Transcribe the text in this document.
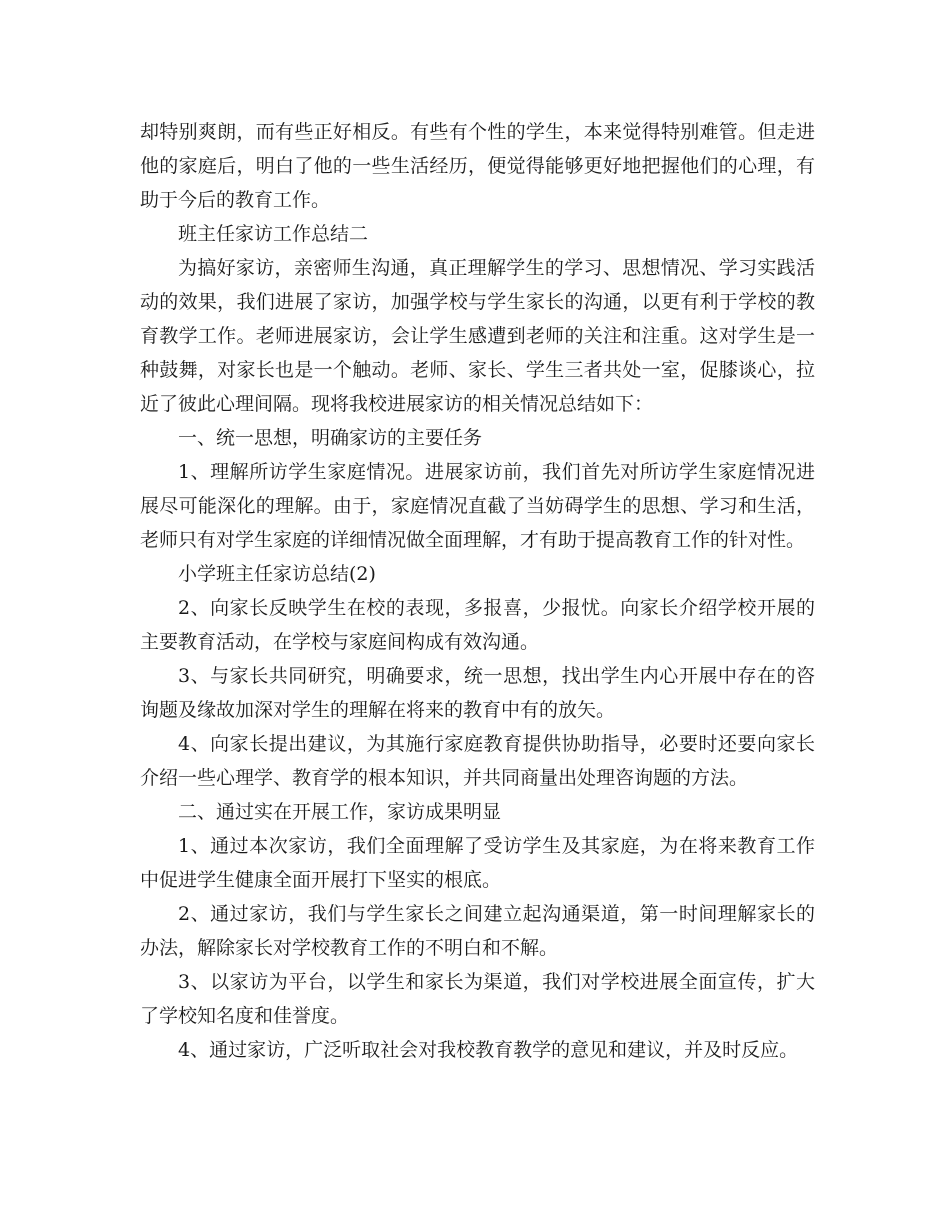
却特别爽朗，而有些正好相反。有些有个性的学生，本来觉得特别难管。但走进他的家庭后，明白了他的一些生活经历，便觉得能够更好地把握他们的心理，有助于今后的教育工作。

班主任家访工作总结二

为搞好家访，亲密师生沟通，真正理解学生的学习、思想情况、学习实践活动的效果，我们进展了家访，加强学校与学生家长的沟通，以更有利于学校的教育教学工作。老师进展家访，会让学生感遭到老师的关注和注重。这对学生是一种鼓舞，对家长也是一个触动。老师、家长、学生三者共处一室，促膝谈心，拉近了彼此心理间隔。现将我校进展家访的相关情况总结如下：

一、统一思想，明确家访的主要任务

1、理解所访学生家庭情况。进展家访前，我们首先对所访学生家庭情况进展尽可能深化的理解。由于，家庭情况直截了当妨碍学生的思想、学习和生活，老师只有对学生家庭的详细情况做全面理解，才有助于提高教育工作的针对性。

小学班主任家访总结(2)

2、向家长反映学生在校的表现，多报喜，少报忧。向家长介绍学校开展的主要教育活动，在学校与家庭间构成有效沟通。

3、与家长共同研究，明确要求，统一思想，找出学生内心开展中存在的咨询题及缘故加深对学生的理解在将来的教育中有的放矢。

4、向家长提出建议，为其施行家庭教育提供协助指导，必要时还要向家长介绍一些心理学、教育学的根本知识，并共同商量出处理咨询题的方法。

二、通过实在开展工作，家访成果明显

1、通过本次家访，我们全面理解了受访学生及其家庭，为在将来教育工作中促进学生健康全面开展打下坚实的根底。

2、通过家访，我们与学生家长之间建立起沟通渠道，第一时间理解家长的办法，解除家长对学校教育工作的不明白和不解。

3、以家访为平台，以学生和家长为渠道，我们对学校进展全面宣传，扩大了学校知名度和佳誉度。

4、通过家访，广泛听取社会对我校教育教学的意见和建议，并及时反应。
